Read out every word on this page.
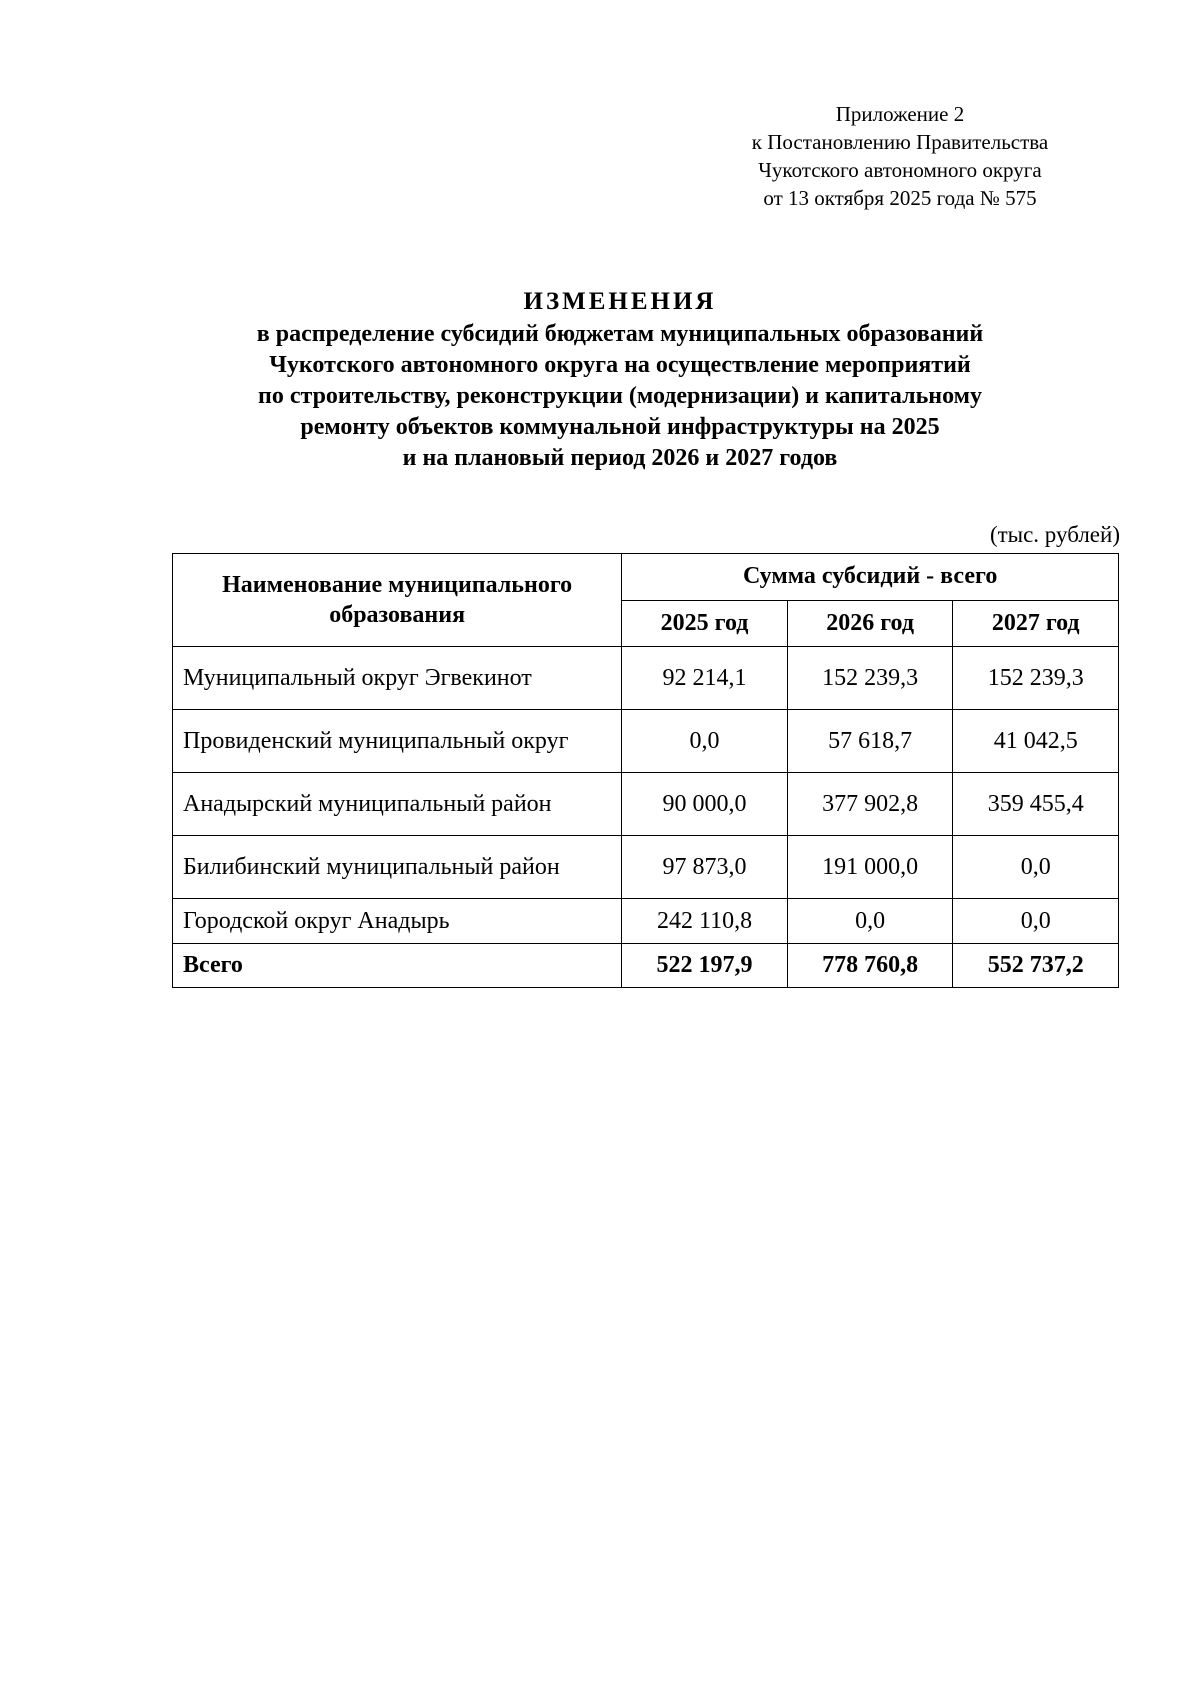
Приложение 2
к Постановлению Правительства
Чукотского автономного округа
от 13 октября 2025 года № 575
ИЗМЕНЕНИЯ
в распределение субсидий бюджетам муниципальных образований
Чукотского автономного округа на осуществление мероприятий
по строительству, реконструкции (модернизации) и капитальному
ремонту объектов коммунальной инфраструктуры на 2025
и на плановый период 2026 и 2027 годов
(тыс. рублей)
Наименование муниципального образования	Сумма субсидий - всего		
	2025 год	2026 год	2027 год
Муниципальный округ Эгвекинот	92 214,1	152 239,3	152 239,3
Провиденский муниципальный округ	0,0	57 618,7	41 042,5
Анадырский муниципальный район	90 000,0	377 902,8	359 455,4
Билибинский муниципальный район	97 873,0	191 000,0	0,0
Городской округ Анадырь	242 110,8	0,0	0,0
Всего	522 197,9	778 760,8	552 737,2
